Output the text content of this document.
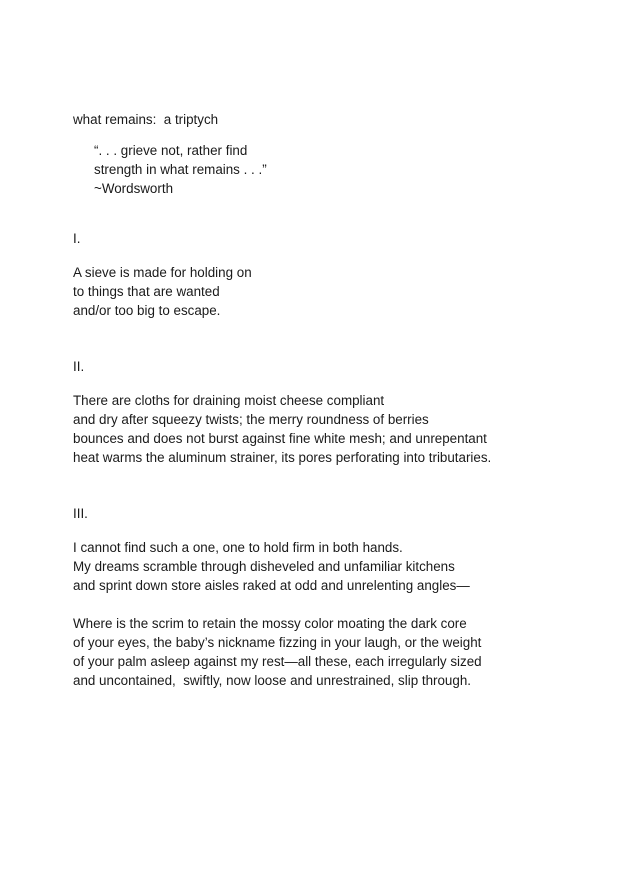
what remains:  a triptych
“. . . grieve not, rather find
strength in what remains . . .”
~Wordsworth
I.
A sieve is made for holding on
to things that are wanted
and/or too big to escape.
II.
There are cloths for draining moist cheese compliant
and dry after squeezy twists; the merry roundness of berries
bounces and does not burst against fine white mesh; and unrepentant
heat warms the aluminum strainer, its pores perforating into tributaries.
III.
I cannot find such a one, one to hold firm in both hands.
My dreams scramble through disheveled and unfamiliar kitchens
and sprint down store aisles raked at odd and unrelenting angles—
Where is the scrim to retain the mossy color moating the dark core
of your eyes, the baby’s nickname fizzing in your laugh, or the weight
of your palm asleep against my rest—all these, each irregularly sized
and uncontained,  swiftly, now loose and unrestrained, slip through.
